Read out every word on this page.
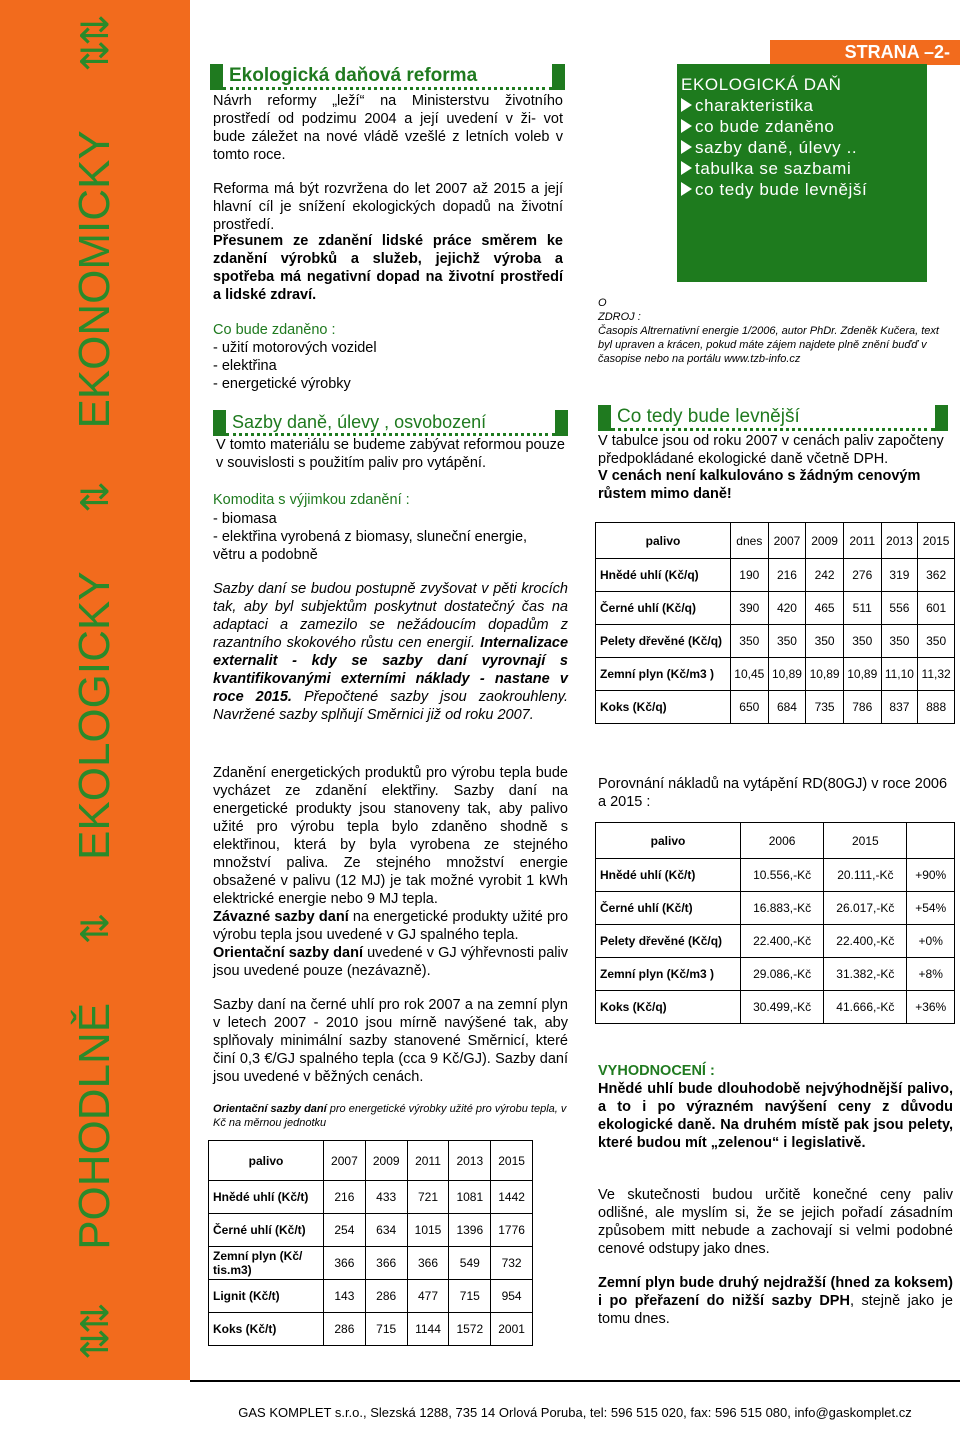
⇅⇅
POHODLNĚ
⇅
EKOLOGICKY
⇅
EKONOMICKY
⇅⇅
Ekologická daňová reforma

Návrh reformy „leží“ na Ministerstvu životního prostředí od podzimu 2004 a její uvedení v ži- vot bude záležet na nové vládě vzešlé z letních voleb v tomto roce.

Reforma má být rozvržena do let 2007 až 2015 a její hlavní cíl je snížení ekologických dopadů na životní prostředí.

Přesunem ze zdanění lidské práce směrem ke zdanění výrobků a služeb, jejichž výroba a spotřeba má negativní dopad na životní prostředí a lidské zdraví.

Co bude zdaněno :

- užití motorových vozidel
- elektřina
- energetické výrobky
Sazby daně, úlevy , osvobození

V tomto materiálu se budeme zabývat reformou pouze v souvislosti s použitím paliv pro vytápění.

Komodita s výjimkou zdanění :

- biomasa
- elektřina vyrobená z biomasy, sluneční energie, větru a podobně

Sazby daní se budou postupně zvyšovat v pěti krocích tak, aby byl subjektům poskytnut dostatečný čas na adaptaci a zamezilo se nežádoucím dopadům z razantního skokového růstu cen energií. Internalizace externalit - kdy se sazby daní vyrovnají s kvantifikovanými externími náklady - nastane v roce 2015. Přepočtené sazby jsou zaokrouhleny. Navržené sazby splňují Směrnici již od roku 2007.

Zdanění energetických produktů pro výrobu tepla bude vycházet ze zdanění elektřiny. Sazby daní na energetické produkty jsou stanoveny tak, aby palivo užité pro výrobu tepla bylo zdaněno shodně s elektřinou, která by byla vyrobena ze stejného množství paliva. Ze stejného množství energie obsažené v palivu (12 MJ) je tak možné vyrobit 1 kWh elektrické energie nebo 9 MJ tepla.
Závazné sazby daní na energetické produkty užité pro výrobu tepla jsou uvedené v GJ spalného tepla.
Orientační sazby daní uvedené v GJ výhřevnosti paliv jsou uvedené pouze (nezávazně).

Sazby daní na černé uhlí pro rok 2007 a na zemní plyn v letech 2007 - 2010 jsou mírně navýšené tak, aby splňovaly minimální sazby stanovené Směrnicí, které činí 0,3 €/GJ spalného tepla (cca 9 Kč/GJ). Sazby daní jsou uvedené v běžných cenách.

Orientační sazby daní pro energetické výrobky užité pro výrobu tepla, v Kč na měrnou jednotku

palivo	2007	2009	2011	2013	2015
Hnědé uhlí (Kč/t)	216	433	721	1081	1442
Černé uhlí (Kč/t)	254	634	1015	1396	1776
Zemní plyn (Kč/ tis.m3)	366	366	366	549	732
Lignit (Kč/t)	143	286	477	715	954
Koks (Kč/t)	286	715	1144	1572	2001
STRANA –2-
EKOLOGICKÁ DAŇ
charakteristika
co bude zdaněno
sazby daně, úlevy ..
tabulka se sazbami
co tedy bude levnější
O
ZDROJ :
Časopis Altrernativní energie 1/2006, autor PhDr. Zdeněk Kučera, text byl upraven a krácen, pokud máte zájem najdete plně znění buďď v časopise nebo na portálu www.tzb-info.cz
Co tedy bude levnější

V tabulce jsou od roku 2007 v cenách paliv započteny předpokládané ekologické daně včetně DPH.

V cenách není kalkulováno s žádným cenovým růstem mimo daně!

palivo	dnes	2007	2009	2011	2013	2015
Hnědé uhlí (Kč/q)	190	216	242	276	319	362
Černé uhlí (Kč/q)	390	420	465	511	556	601
Pelety dřevěné (Kč/q)	350	350	350	350	350	350
Zemní plyn (Kč/m3 )	10,45	10,89	10,89	10,89	11,10	11,32
Koks (Kč/q)	650	684	735	786	837	888

Porovnání nákladů na vytápění RD(80GJ) v roce 2006 a 2015 :

palivo	2006	2015	
Hnědé uhlí (Kč/t)	10.556,-Kč	20.111,-Kč	+90%
Černé uhlí (Kč/t)	16.883,-Kč	26.017,-Kč	+54%
Pelety dřevěné (Kč/q)	22.400,-Kč	22.400,-Kč	+0%
Zemní plyn (Kč/m3 )	29.086,-Kč	31.382,-Kč	+8%
Koks (Kč/q)	30.499,-Kč	41.666,-Kč	+36%

VYHODNOCENÍ :

Hnědé uhlí bude dlouhodobě nejvýhodnější palivo, a to i po výrazném navýšení ceny z důvodu ekologické daně. Na druhém místě pak jsou pelety, které budou mít „zelenou“ i legislativě.

Ve skutečnosti budou určitě konečné ceny paliv odlišné, ale myslím si, že se jejich pořadí zásadním způsobem mitt nebude a zachovají si velmi podobné cenové odstupy jako dnes.

Zemní plyn bude druhý nejdražší (hned za koksem) i po přeřazení do nižší sazby DPH, stejně jako je tomu dnes.

GAS KOMPLET s.r.o., Slezská 1288, 735 14 Orlová Poruba, tel: 596 515 020, fax: 596 515 080, info@gaskomplet.cz
